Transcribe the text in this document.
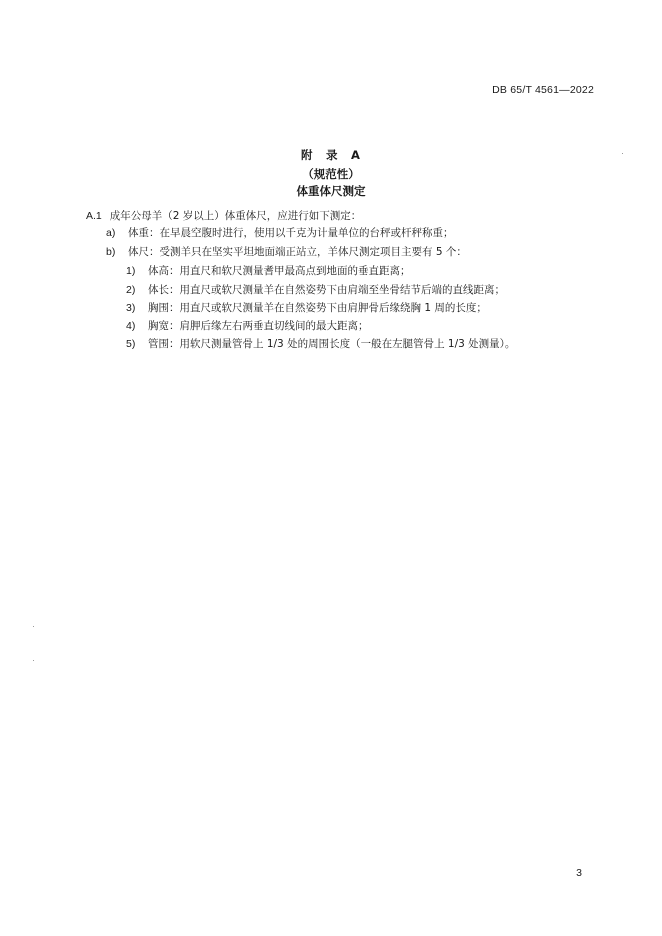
DB 65/T 4561—2022
附　录　A
（规范性）
体重体尺测定
A.1 成年公母羊（2 岁以上）体重体尺，应进行如下测定：
a) 体重：在早晨空腹时进行，使用以千克为计量单位的台秤或杆秤称重；
b) 体尺：受测羊只在坚实平坦地面端正站立，羊体尺测定项目主要有 5 个：
1) 体高：用直尺和软尺测量耆甲最高点到地面的垂直距离；
2) 体长：用直尺或软尺测量羊在自然姿势下由肩端至坐骨结节后端的直线距离；
3) 胸围：用直尺或软尺测量羊在自然姿势下由肩胛骨后缘绕胸 1 周的长度；
4) 胸宽：肩胛后缘左右两垂直切线间的最大距离；
5) 管围：用软尺测量管骨上 1/3 处的周围长度（一般在左腿管骨上 1/3 处测量）。
3
